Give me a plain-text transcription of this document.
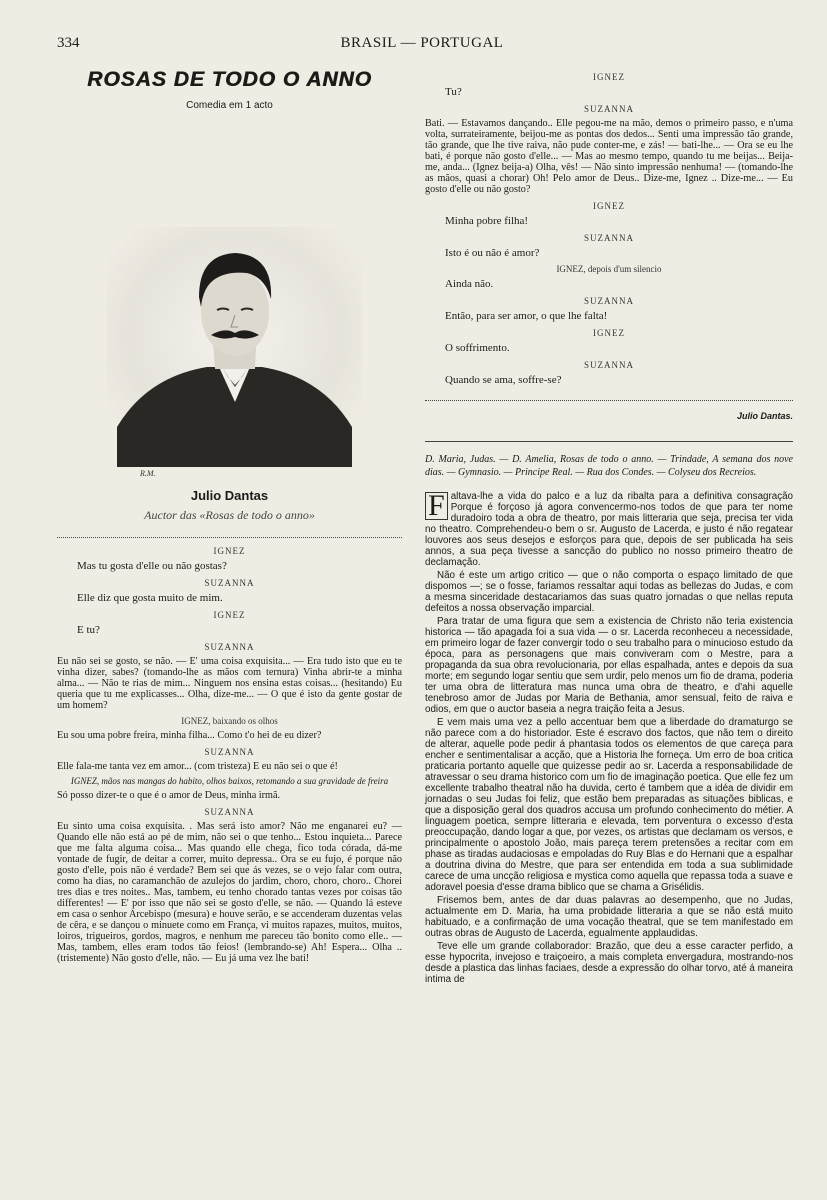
334	BRASIL — PORTUGAL
ROSAS DE TODO O ANNO
Comedia em 1 acto
R.M.
Julio Dantas
Auctor das «Rosas de todo o anno»
IGNEZ

Mas tu gosta d'elle ou não gostas?

SUZANNA

Elle diz que gosta muito de mim.

IGNEZ

E tu?

SUZANNA

Eu não sei se gosto, se não. — E' uma coisa exquisita... — Era tudo isto que eu te vinha dizer, sabes? (tomando-lhe as mãos com ternura) Vinha abrir-te a minha alma... — Não te rias de mim... Ninguem nos ensina estas coisas... (hesitando) Eu queria que tu me explicasses... Olha, dize-me... — O que é isto da gente gostar de um homem?

IGNEZ, baixando os olhos

Eu sou uma pobre freira, minha filha... Como t'o hei de eu dizer?

SUZANNA

Elle fala-me tanta vez em amor... (com tristeza) E eu não sei o que é!

IGNEZ, mãos nas mangas do habito, olhos baixos, retomando a sua gravidade de freira

Só posso dizer-te o que é o amor de Deus, minha irmã.

SUZANNA

Eu sinto uma coisa exquisita. . Mas será isto amor? Não me enganarei eu? — Quando elle não está ao pé de mim, não sei o que tenho... Estou inquieta... Parece que me falta alguma coisa... Mas quando elle chega, fico toda córada, dá-me vontade de fugir, de deitar a correr, muito depressa.. Ora se eu fujo, é porque não gosto d'elle, pois não é verdade? Bem sei que ás vezes, se o vejo falar com outra, como ha dias, no caramanchão de azulejos do jardim, choro, choro, choro.. Chorei tres dias e tres noites.. Mas, tambem, eu tenho chorado tantas vezes por coisas tão differentes! — E' por isso que não sei se gosto d'elle, se não. — Quando lá esteve em casa o senhor Arcebispo (mesura) e houve serão, e se accenderam duzentas velas de cêra, e se dançou o minuete como em França, vi muitos rapazes, muitos, muitos, loiros, trigueiros, gordos, magros, e nenhum me pareceu tão bonito como elle.. — Mas, tambem, elles eram todos tão feios! (lembrando-se) Ah! Espera... Olha .. (tristemente) Não gosto d'elle, não. — Eu já uma vez lhe bati!

IGNEZ

Tu?

SUZANNA

Bati. — Estavamos dançando.. Elle pegou-me na mão, demos o primeiro passo, e n'uma volta, surrateiramente, beijou-me as pontas dos dedos... Senti uma impressão tão grande, tão grande, que lhe tive raiva, não pude conter-me, e zás! — bati-lhe... — Ora se eu lhe bati, é porque não gosto d'elle... — Mas ao mesmo tempo, quando tu me beijas... Beija-me, anda... (Ignez beija-a) Olha, vês! — Não sinto impressão nenhuma! — (tomando-lhe as mãos, quasi a chorar) Oh! Pelo amor de Deus.. Dize-me, Ignez .. Dize-me... — Eu gosto d'elle ou não gosto?

IGNEZ

Minha pobre filha!

SUZANNA

Isto é ou não é amor?

IGNEZ, depois d'um silencio

Ainda não.

SUZANNA

Então, para ser amor, o que lhe falta!

IGNEZ

O soffrimento.

SUZANNA

Quando se ama, soffre-se?

Julio Dantas.
D. Maria, Judas. — D. Amelia, Rosas de todo o anno. — Trindade, A semana dos nove dias. — Gymnasio. — Principe Real. — Rua dos Condes. — Colyseu dos Recreios.

F altava-lhe a vida do palco e a luz da ribalta para a definitiva consagração Porque é forçoso já agora convencermo-nos todos de que para ter nome duradoiro toda a obra de theatro, por mais litteraria que seja, precisa ter vida no theatro. Comprehendeu-o bem o sr. Augusto de Lacerda, e justo é não regatear louvores aos seus desejos e esforços para que, depois de ser publicada ha seis annos, a sua peça tivesse a sancção do publico no nosso primeiro theatro de declamação.

Não é este um artigo critico — que o não comporta o espaço limitado de que dispomos —; se o fosse, fariamos ressaltar aqui todas as bellezas do Judas, e com a mesma sinceridade destacariamos das suas quatro jornadas o que nellas reputa defeitos a nossa observação imparcial.

Para tratar de uma figura que sem a existencia de Christo não teria existencia historica — tão apagada foi a sua vida — o sr. Lacerda reconheceu a necessidade, em primeiro logar de fazer convergir todo o seu trabalho para o minucioso estudo da época, para as personagens que mais conviveram com o Mestre, para a propaganda da sua obra revolucionaria, por ellas espalhada, antes e depois da sua morte; em segundo logar sentiu que sem urdir, pelo menos um fio de drama, poderia ter uma obra de litteratura mas nunca uma obra de theatro, e d'ahi aquelle tenebroso amor de Judas por Maria de Bethania, amor sensual, feito de raiva e odios, em que o auctor baseia a negra traição feita a Jesus.

E vem mais uma vez a pello accentuar bem que a liberdade do dramaturgo se não parece com a do historiador. Este é escravo dos factos, que não tem o direito de alterar, aquelle pode pedir á phantasia todos os elementos de que careça para encher e sentimentalisar a acção, que a Historia lhe forneça. Um erro de boa critica praticaria portanto aquelle que quizesse pedir ao sr. Lacerda a responsabilidade de atravessar o seu drama historico com um fio de imaginação poetica. Que elle fez um excellente trabalho theatral não ha duvida, certo é tambem que a idéa de dividir em jornadas o seu Judas foi feliz, que estão bem preparadas as situações biblicas, e que a disposição geral dos quadros accusa um profundo conhecimento do métier. A linguagem poetica, sempre litteraria e elevada, tem porventura o excesso d'esta preoccupação, dando logar a que, por vezes, os artistas que declamam os versos, e principalmente o apostolo João, mais pareça terem pretensões a recitar com em phase as tiradas audaciosas e empoladas do Ruy Blas e do Hernani que a espalhar a doutrina divina do Mestre, que para ser entendida em toda a sua sublimidade carece de uma uncção religiosa e mystica como aquella que repassa toda a suave e adoravel poesia d'esse drama biblico que se chama a Grisélidis.

Frisemos bem, antes de dar duas palavras ao desempenho, que no Judas, actualmente em D. Maria, ha uma probidade litteraria a que se não está muito habituado, e a confirmação de uma vocação theatral, que se tem manifestado em outras obras de Augusto de Lacerda, egualmente applaudidas.

Teve elle um grande collaborador: Brazão, que deu a esse caracter perfido, a esse hypocrita, invejoso e traiçoeiro, a mais completa envergadura, mostrando-nos desde a plastica das linhas faciaes, desde a expressão do olhar torvo, até á maneira intima de
